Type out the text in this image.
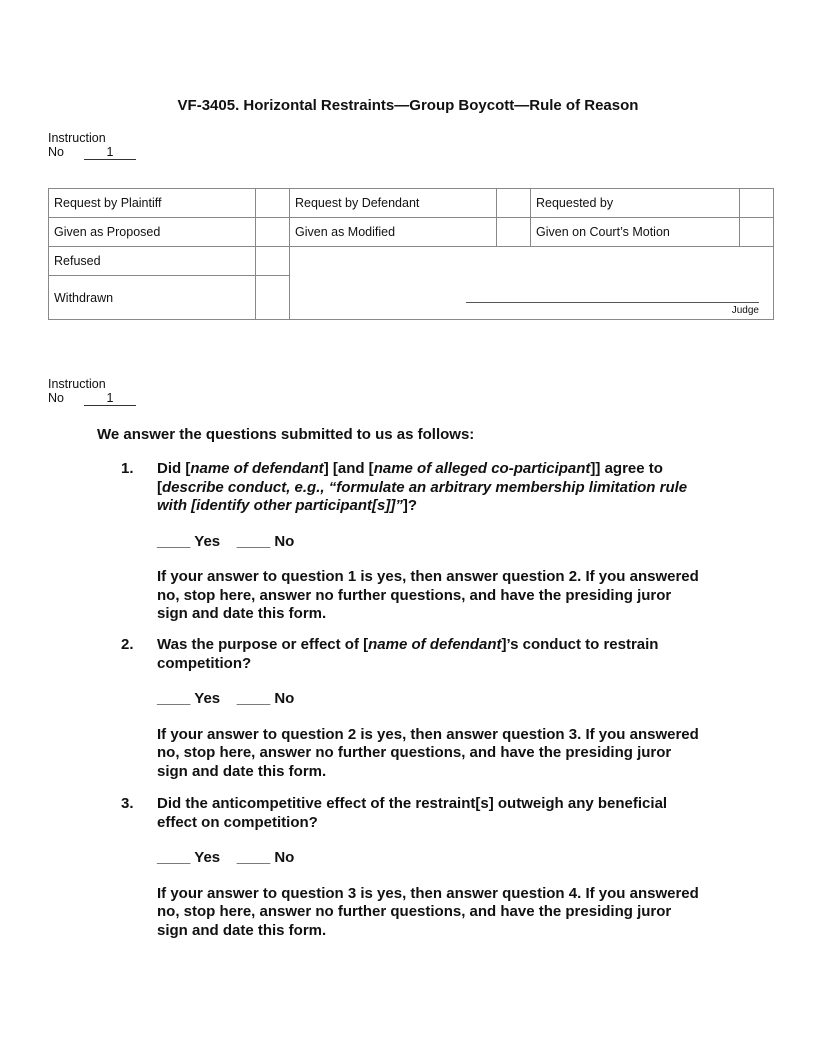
VF-3405. Horizontal Restraints—Group Boycott—Rule of Reason
Instruction
No	1
Request by Plaintiff		Request by Defendant		Requested by	
Given as Proposed		Given as Modified		Given on Court’s Motion	
Refused		Judge			

Withdrawn					
Instruction
No	1
We answer the questions submitted to us as follows:
1. Did [name of defendant] [and [name of alleged co-participant]] agree to [describe conduct, e.g., “formulate an arbitrary membership limitation rule with [identify other participant[s]]”]?
____ Yes    ____ No
If your answer to question 1 is yes, then answer question 2. If you answered no, stop here, answer no further questions, and have the presiding juror sign and date this form.
2. Was the purpose or effect of [name of defendant]’s conduct to restrain competition?
____ Yes    ____ No
If your answer to question 2 is yes, then answer question 3. If you answered no, stop here, answer no further questions, and have the presiding juror sign and date this form.
3. Did the anticompetitive effect of the restraint[s] outweigh any beneficial effect on competition?
____ Yes    ____ No
If your answer to question 3 is yes, then answer question 4. If you answered no, stop here, answer no further questions, and have the presiding juror sign and date this form.
